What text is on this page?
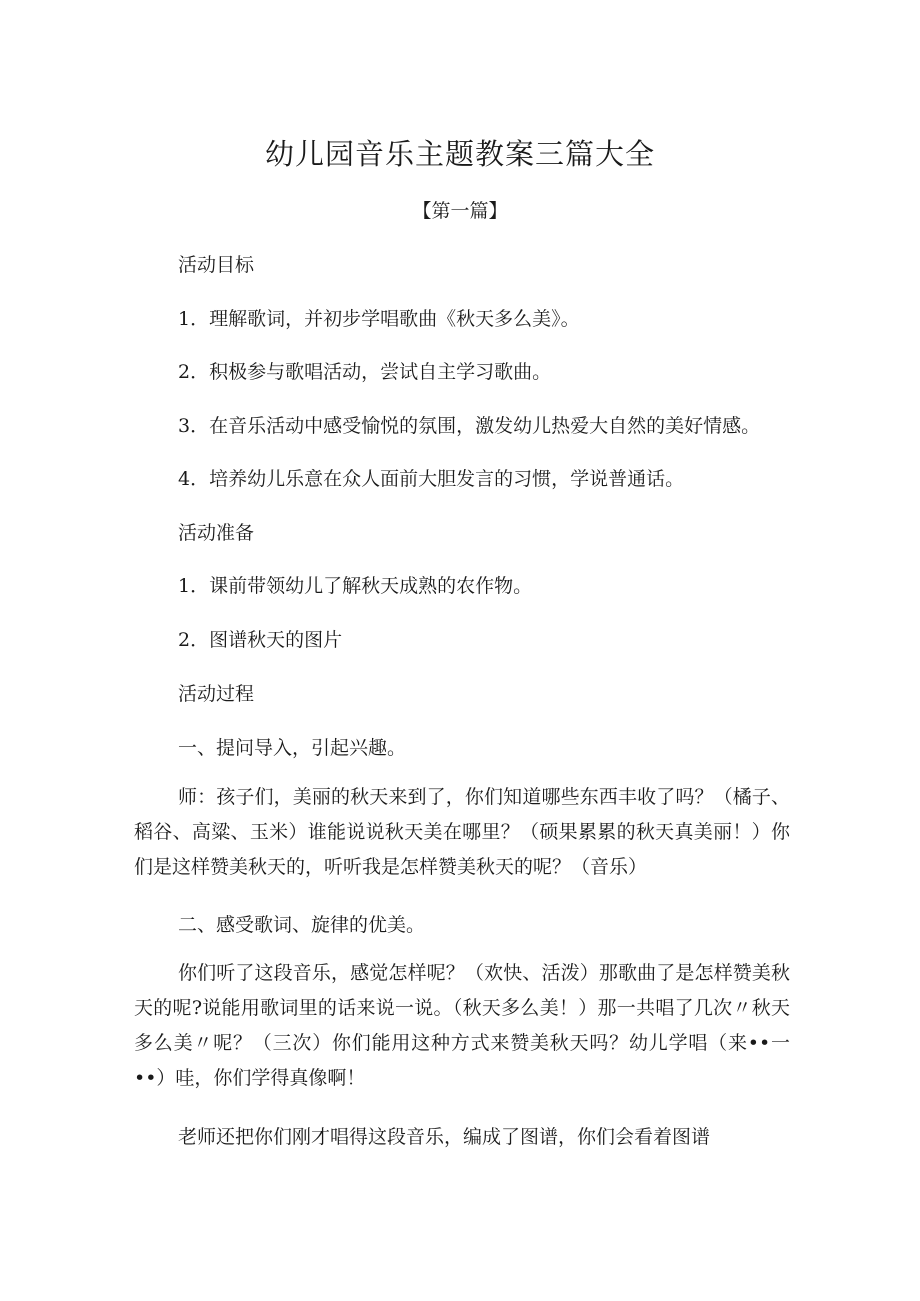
幼儿园音乐主题教案三篇大全
【第一篇】
活动目标
1．理解歌词，并初步学唱歌曲《秋天多么美》。
2．积极参与歌唱活动，尝试自主学习歌曲。
3．在音乐活动中感受愉悦的氛围，激发幼儿热爱大自然的美好情感。
4．培养幼儿乐意在众人面前大胆发言的习惯，学说普通话。
活动准备
1．课前带领幼儿了解秋天成熟的农作物。
2．图谱秋天的图片
活动过程
一、提问导入，引起兴趣。
师：孩子们，美丽的秋天来到了，你们知道哪些东西丰收了吗？（橘子、稻谷、高粱、玉米）谁能说说秋天美在哪里？（硕果累累的秋天真美丽！）你们是这样赞美秋天的，听听我是怎样赞美秋天的呢？（音乐）
二、感受歌词、旋律的优美。
你们听了这段音乐，感觉怎样呢？（欢快、活泼）那歌曲了是怎样赞美秋天的呢?说能用歌词里的话来说一说。（秋天多么美！）那一共唱了几次〃秋天多么美〃呢？（三次）你们能用这种方式来赞美秋天吗？幼儿学唱（来••一••）哇，你们学得真像啊！
老师还把你们刚才唱得这段音乐，编成了图谱，你们会看着图谱
